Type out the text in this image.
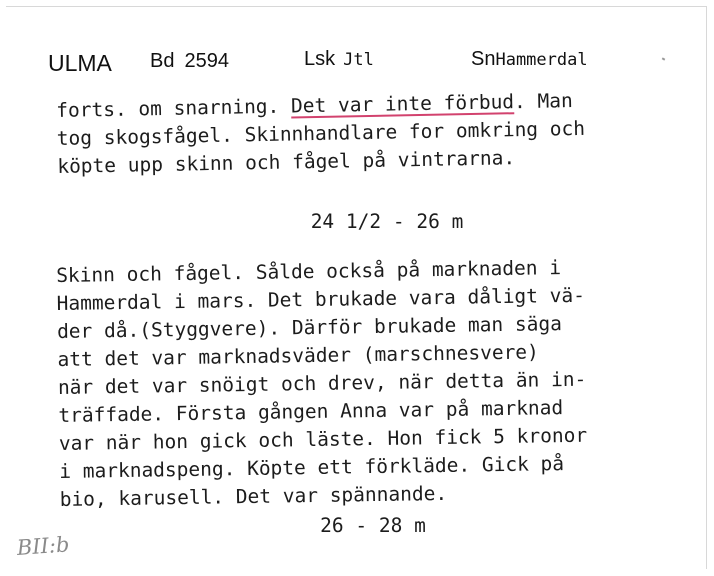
ULMA Bd 2594	Lsk Jtl	SnHammerdal
forts. om snarning. Det var inte förbud. Man
tog skogsfågel. Skinnhandlare for omkring och
köpte upp skinn och fågel på vintrarna.
24 1/2 - 26 m
Skinn och fågel. Sålde också på marknaden i
Hammerdal i mars. Det brukade vara dåligt vä-
der då.(Styggvere). Därför brukade man säga
att det var marknadsväder (marschnesvere)
när det var snöigt och drev, när detta än in-
träffade. Första gången Anna var på marknad
var när hon gick och läste. Hon fick 5 kronor
i marknadspeng. Köpte ett förkläde. Gick på
bio, karusell. Det var spännande.
26 - 28 m
BII:b
